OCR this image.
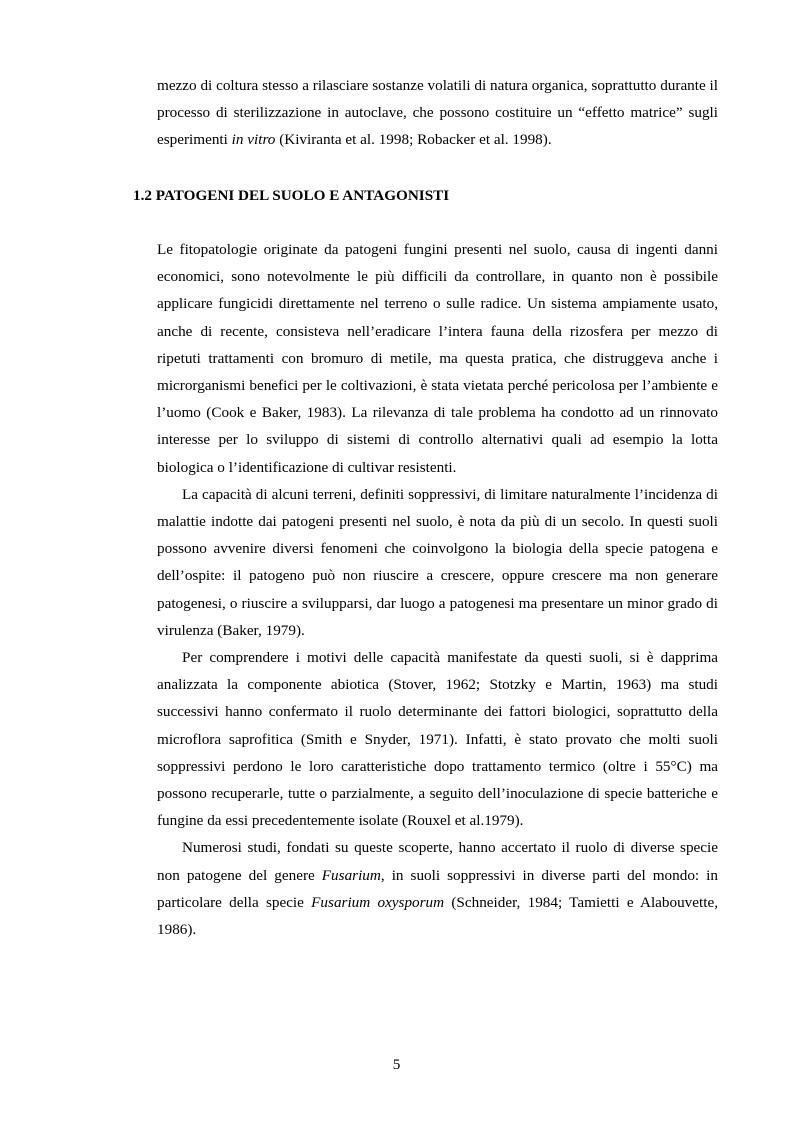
mezzo di coltura stesso a rilasciare sostanze volatili di natura organica, soprattutto durante il processo di sterilizzazione in autoclave, che possono costituire un “effetto matrice” sugli esperimenti in vitro (Kiviranta et al. 1998; Robacker et al. 1998).

1.2 PATOGENI DEL SUOLO E ANTAGONISTI

Le fitopatologie originate da patogeni fungini presenti nel suolo, causa di ingenti danni economici, sono notevolmente le più difficili da controllare, in quanto non è possibile applicare fungicidi direttamente nel terreno o sulle radice. Un sistema ampiamente usato, anche di recente, consisteva nell’eradicare l’intera fauna della rizosfera per mezzo di ripetuti trattamenti con bromuro di metile, ma questa pratica, che distruggeva anche i microrganismi benefici per le coltivazioni, è stata vietata perché pericolosa per l’ambiente e l’uomo (Cook e Baker, 1983). La rilevanza di tale problema ha condotto ad un rinnovato interesse per lo sviluppo di sistemi di controllo alternativi quali ad esempio la lotta biologica o l’identificazione di cultivar resistenti.

La capacità di alcuni terreni, definiti soppressivi, di limitare naturalmente l’incidenza di malattie indotte dai patogeni presenti nel suolo, è nota da più di un secolo. In questi suoli possono avvenire diversi fenomeni che coinvolgono la biologia della specie patogena e dell’ospite: il patogeno può non riuscire a crescere, oppure crescere ma non generare patogenesi, o riuscire a svilupparsi, dar luogo a patogenesi ma presentare un minor grado di virulenza (Baker, 1979).

Per comprendere i motivi delle capacità manifestate da questi suoli, si è dapprima analizzata la componente abiotica (Stover, 1962; Stotzky e Martin, 1963) ma studi successivi hanno confermato il ruolo determinante dei fattori biologici, soprattutto della microflora saprofitica (Smith e Snyder, 1971). Infatti, è stato provato che molti suoli soppressivi perdono le loro caratteristiche dopo trattamento termico (oltre i 55°C) ma possono recuperarle, tutte o parzialmente, a seguito dell’inoculazione di specie batteriche e fungine da essi precedentemente isolate (Rouxel et al.1979).

Numerosi studi, fondati su queste scoperte, hanno accertato il ruolo di diverse specie non patogene del genere Fusarium, in suoli soppressivi in diverse parti del mondo: in particolare della specie Fusarium oxysporum (Schneider, 1984; Tamietti e Alabouvette, 1986).

5
